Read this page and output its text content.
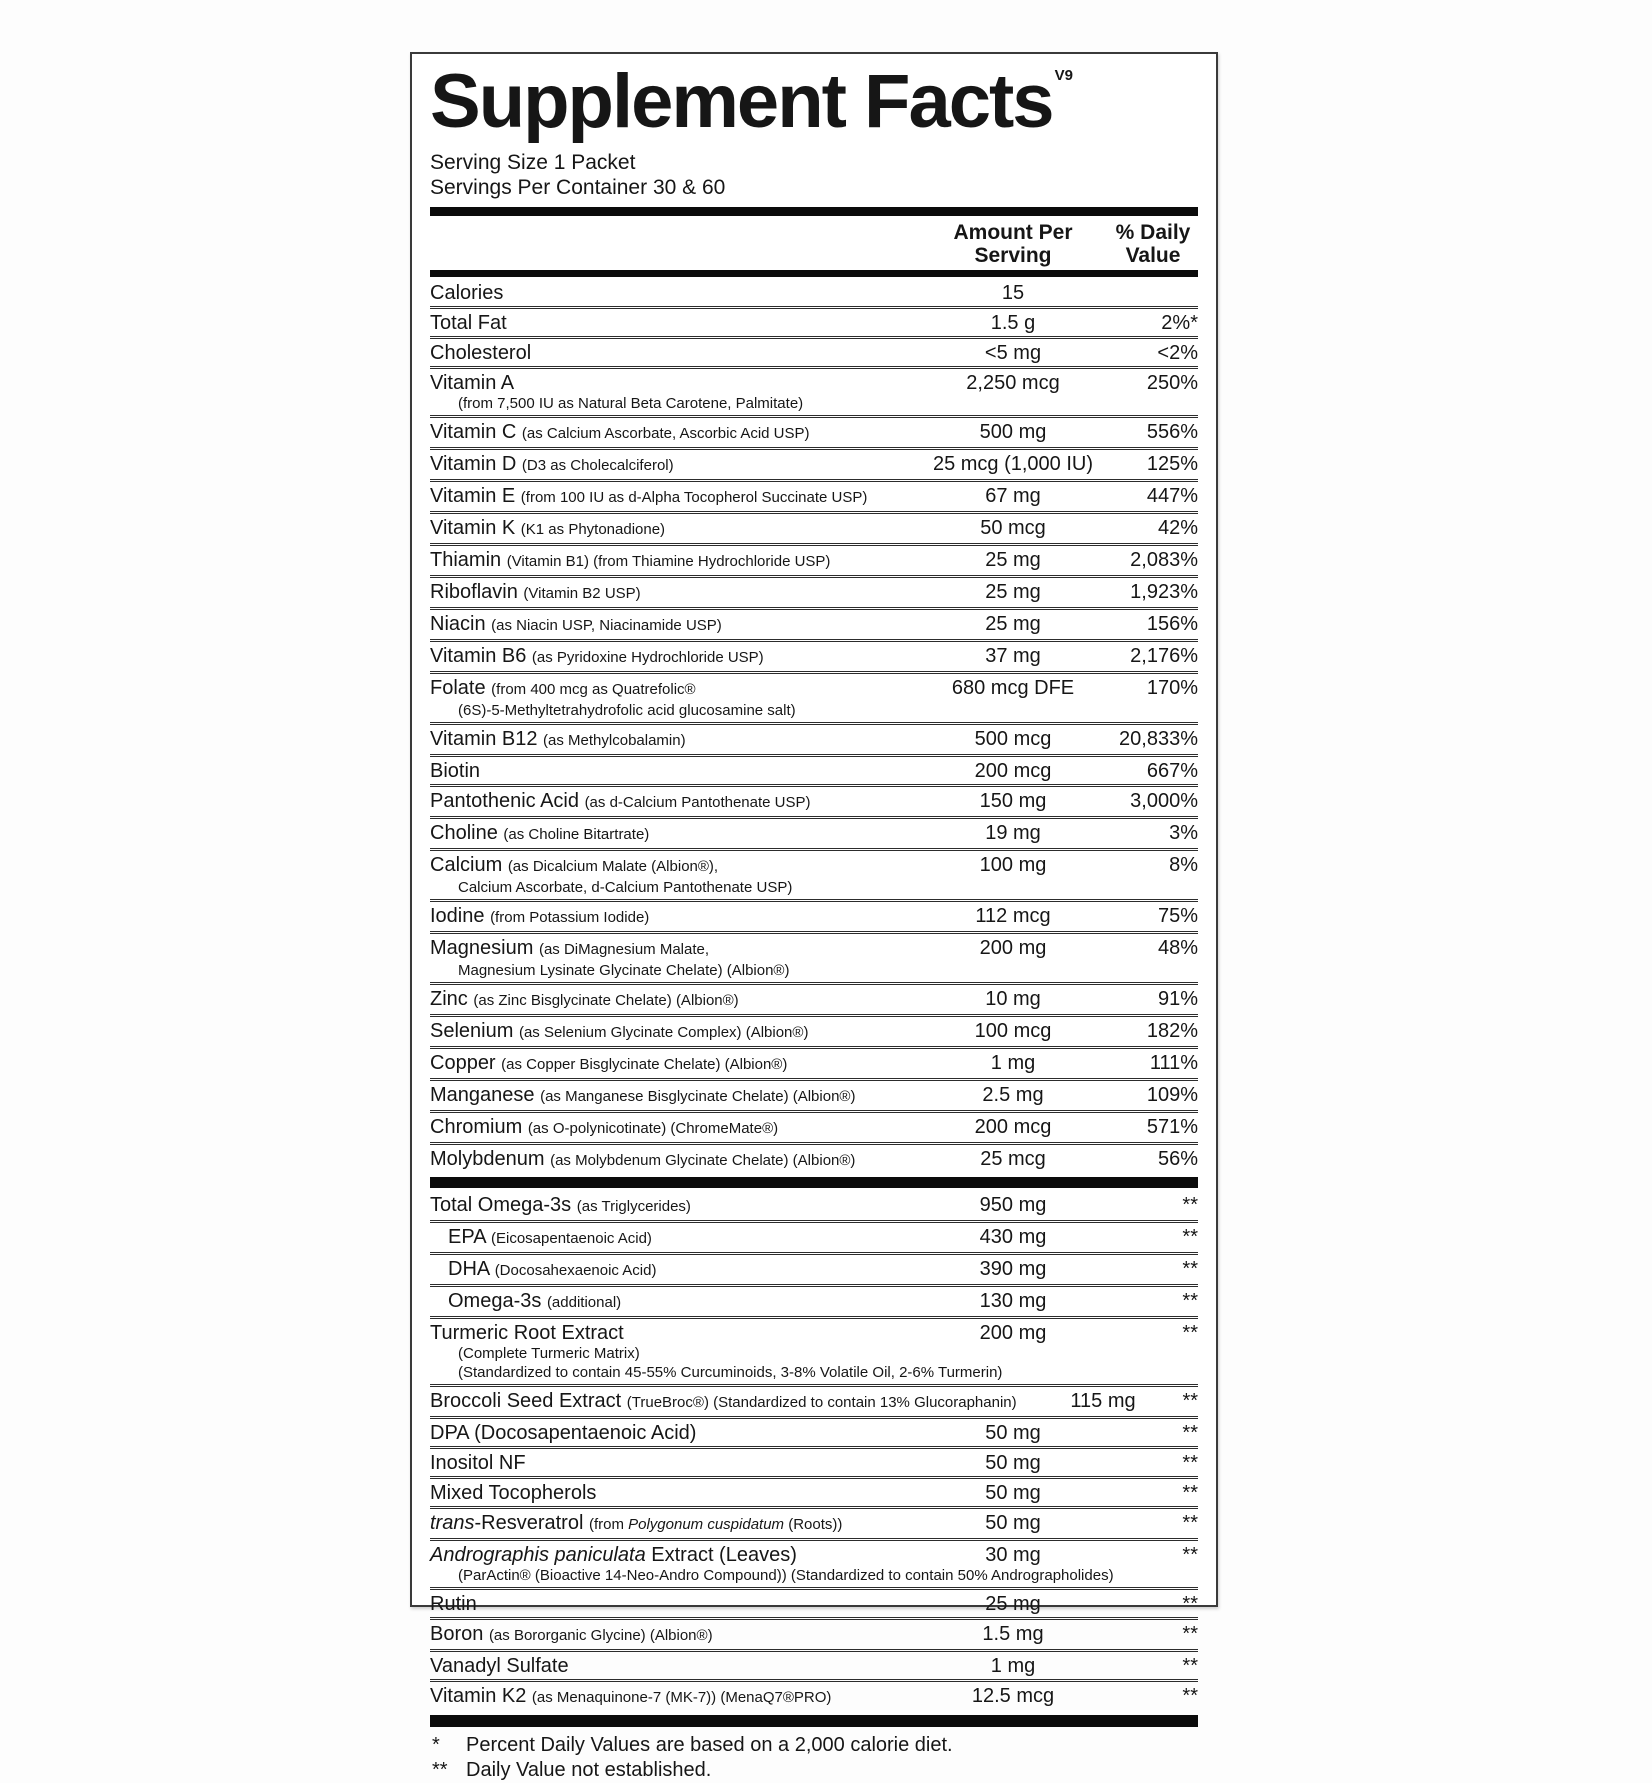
Supplement Facts V9
Serving Size 1 Packet
Servings Per Container 30 & 60
Amount Per
Serving
% Daily
Value
Calories	15
Total Fat	1.5 g	2%*
Cholesterol	<5 mg	<2%
Vitamin A	2,250 mcg	250%
(from 7,500 IU as Natural Beta Carotene, Palmitate)
Vitamin C (as Calcium Ascorbate, Ascorbic Acid USP)	500 mg	556%
Vitamin D (D3 as Cholecalciferol)	25 mcg (1,000 IU)	125%
Vitamin E (from 100 IU as d-Alpha Tocopherol Succinate USP)	67 mg	447%
Vitamin K (K1 as Phytonadione)	50 mcg	42%
Thiamin (Vitamin B1) (from Thiamine Hydrochloride USP)	25 mg	2,083%
Riboflavin (Vitamin B2 USP)	25 mg	1,923%
Niacin (as Niacin USP, Niacinamide USP)	25 mg	156%
Vitamin B6 (as Pyridoxine Hydrochloride USP)	37 mg	2,176%
Folate (from 400 mcg as Quatrefolic®	680 mcg DFE	170%
(6S)-5-Methyltetrahydrofolic acid glucosamine salt)
Vitamin B12 (as Methylcobalamin)	500 mcg	20,833%
Biotin	200 mcg	667%
Pantothenic Acid (as d-Calcium Pantothenate USP)	150 mg	3,000%
Choline (as Choline Bitartrate)	19 mg	3%
Calcium (as Dicalcium Malate (Albion®),	100 mg	8%
Calcium Ascorbate, d-Calcium Pantothenate USP)
Iodine (from Potassium Iodide)	112 mcg	75%
Magnesium (as DiMagnesium Malate,	200 mg	48%
Magnesium Lysinate Glycinate Chelate) (Albion®)
Zinc (as Zinc Bisglycinate Chelate) (Albion®)	10 mg	91%
Selenium (as Selenium Glycinate Complex) (Albion®)	100 mcg	182%
Copper (as Copper Bisglycinate Chelate) (Albion®)	1 mg	111%
Manganese (as Manganese Bisglycinate Chelate) (Albion®)	2.5 mg	109%
Chromium (as O-polynicotinate) (ChromeMate®)	200 mcg	571%
Molybdenum (as Molybdenum Glycinate Chelate) (Albion®)	25 mcg	56%
Total Omega-3s (as Triglycerides)	950 mg	**
EPA (Eicosapentaenoic Acid)	430 mg	**
DHA (Docosahexaenoic Acid)	390 mg	**
Omega-3s (additional)	130 mg	**
Turmeric Root Extract	200 mg	**
(Complete Turmeric Matrix)
(Standardized to contain 45-55% Curcuminoids, 3-8% Volatile Oil, 2-6% Turmerin)
Broccoli Seed Extract (TrueBroc®) (Standardized to contain 13% Glucoraphanin)	115 mg	**
DPA (Docosapentaenoic Acid)	50 mg	**
Inositol NF	50 mg	**
Mixed Tocopherols	50 mg	**
trans-Resveratrol (from Polygonum cuspidatum (Roots))	50 mg	**
Andrographis paniculata Extract (Leaves)	30 mg	**
(ParActin® (Bioactive 14-Neo-Andro Compound)) (Standardized to contain 50% Andrographolides)
Rutin	25 mg	**
Boron (as Bororganic Glycine) (Albion®)	1.5 mg	**
Vanadyl Sulfate	1 mg	**
Vitamin K2 (as Menaquinone-7 (MK-7)) (MenaQ7®PRO)	12.5 mcg	**
*	Percent Daily Values are based on a 2,000 calorie diet.
** Daily Value not established.
